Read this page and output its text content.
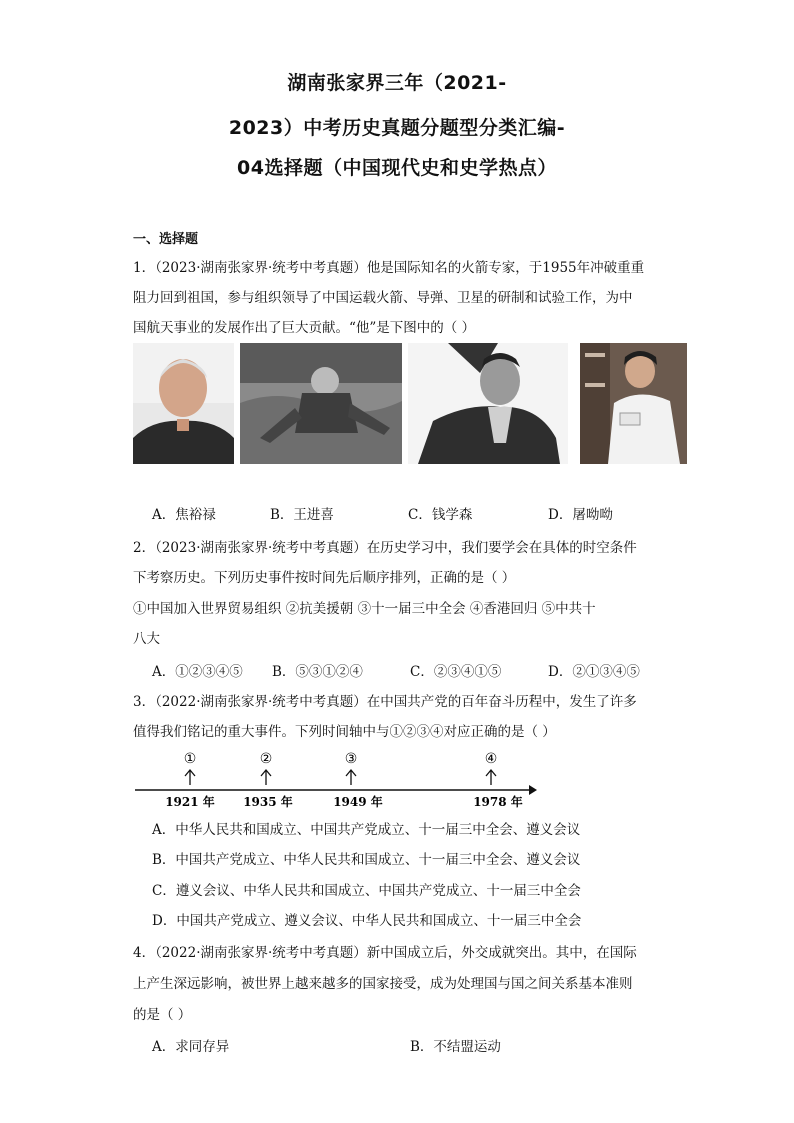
湖南张家界三年（2021-
2023）中考历史真题分题型分类汇编-
04选择题（中国现代史和史学热点）
一、选择题
1．（2023·湖南张家界·统考中考真题）他是国际知名的火箭专家，于1955年冲破重重
阻力回到祖国，参与组织领导了中国运载火箭、导弹、卫星的研制和试验工作，为中
国航天事业的发展作出了巨大贡献。“他”是下图中的（ ）
A．焦裕禄	B．王进喜	C．钱学森	D．屠呦呦
2．（2023·湖南张家界·统考中考真题）在历史学习中，我们要学会在具体的时空条件
下考察历史。下列历史事件按时间先后顺序排列，正确的是（ ）
①中国加入世界贸易组织 ②抗美援朝 ③十一届三中全会 ④香港回归 ⑤中共十
八大
A．①②③④⑤ B．⑤③①②④	C．②③④①⑤	D．②①③④⑤
3．（2022·湖南张家界·统考中考真题）在中国共产党的百年奋斗历程中，发生了许多
值得我们铭记的重大事件。下列时间轴中与①②③④对应正确的是（ ）
①	②	③	④
1921 年 1935 年	1949 年	1978 年
A．中华人民共和国成立、中国共产党成立、十一届三中全会、遵义会议
B．中国共产党成立、中华人民共和国成立、十一届三中全会、遵义会议
C．遵义会议、中华人民共和国成立、中国共产党成立、十一届三中全会
D．中国共产党成立、遵义会议、中华人民共和国成立、十一届三中全会
4．（2022·湖南张家界·统考中考真题）新中国成立后，外交成就突出。其中，在国际
上产生深远影响，被世界上越来越多的国家接受，成为处理国与国之间关系基本准则
的是（ ）
A．求同存异	B．不结盟运动
